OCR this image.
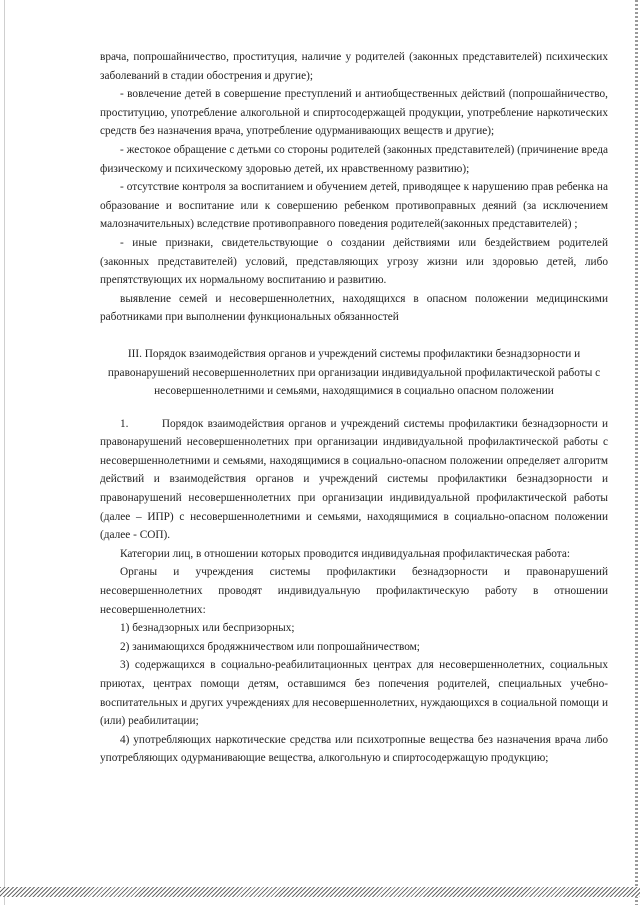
врача, попрошайничество, проституция, наличие у родителей (законных представителей) психических заболеваний в стадии обострения и другие);

- вовлечение детей в совершение преступлений и антиобщественных действий (попрошайничество, проституцию, употребление алкогольной и спиртосодержащей продукции, употребление наркотических средств без назначения врача, употребление одурманивающих веществ и другие);

- жестокое обращение с детьми со стороны родителей (законных представителей) (причинение вреда физическому и психическому здоровью детей, их нравственному развитию);

- отсутствие контроля за воспитанием и обучением детей, приводящее к нарушению прав ребенка на образование и воспитание или к совершению ребенком противоправных деяний (за исключением малозначительных) вследствие противоправного поведения родителей(законных представителей) ;

- иные признаки, свидетельствующие о создании действиями или бездействием родителей (законных представителей) условий, представляющих угрозу жизни или здоровью детей, либо препятствующих их нормальному воспитанию и развитию.

выявление семей и несовершеннолетних, находящихся в опасном положении медицинскими работниками при выполнении функциональных обязанностей

III. Порядок взаимодействия органов и учреждений системы профилактики безнадзорности и правонарушений несовершеннолетних при организации индивидуальной профилактической работы с несовершеннолетними и семьями, находящимися в социально опасном положении

1.        Порядок взаимодействия органов и учреждений системы профилактики безнадзорности и правонарушений несовершеннолетних при организации индивидуальной профилактической работы с несовершеннолетними и семьями, находящимися в социально-опасном положении определяет алгоритм действий и взаимодействия органов и учреждений системы профилактики безнадзорности и правонарушений несовершеннолетних при организации индивидуальной профилактической работы (далее – ИПР) с несовершеннолетними и семьями, находящимися в социально-опасном положении (далее - СОП).

Категории лиц, в отношении которых проводится индивидуальная профилактическая работа:

Органы и учреждения системы профилактики безнадзорности и правонарушений несовершеннолетних проводят индивидуальную профилактическую работу в отношении несовершеннолетних:

1) безнадзорных или беспризорных;

2) занимающихся бродяжничеством или попрошайничеством;

3) содержащихся в социально-реабилитационных центрах для несовершеннолетних, социальных приютах, центрах помощи детям, оставшимся без попечения родителей, специальных учебно-воспитательных и других учреждениях для несовершеннолетних, нуждающихся в социальной помощи и (или) реабилитации;

4) употребляющих наркотические средства или психотропные вещества без назначения врача либо употребляющих одурманивающие вещества, алкогольную и спиртосодержащую продукцию;
